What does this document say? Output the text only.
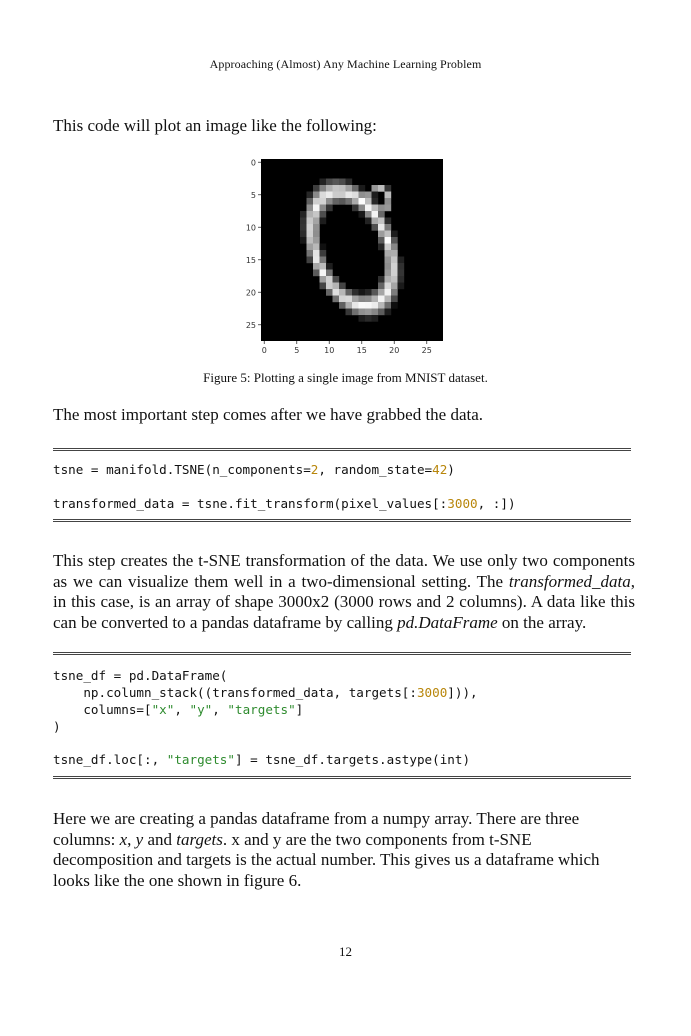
Approaching (Almost) Any Machine Learning Problem

This code will plot an image like the following:

0
5
10
15
20
25
0	5	10	15	20	25
Figure 5: Plotting a single image from MNIST dataset.

The most important step comes after we have grabbed the data.

tsne = manifold.TSNE(n_components=2, random_state=42)
transformed_data = tsne.fit_transform(pixel_values[:3000, :])

This step creates the t-SNE transformation of the data. We use only two components as we can visualize them well in a two-dimensional setting. The transformed_data, in this case, is an array of shape 3000x2 (3000 rows and 2 columns). A data like this can be converted to a pandas dataframe by calling pd.DataFrame on the array.

tsne_df = pd.DataFrame(
np.column_stack((transformed_data, targets[:3000])),
columns=["x", "y", "targets"]
)
tsne_df.loc[:, "targets"] = tsne_df.targets.astype(int)

Here we are creating a pandas dataframe from a numpy array. There are three columns: x, y and targets. x and y are the two components from t-SNE decomposition and targets is the actual number. This gives us a dataframe which looks like the one shown in figure 6.

12
